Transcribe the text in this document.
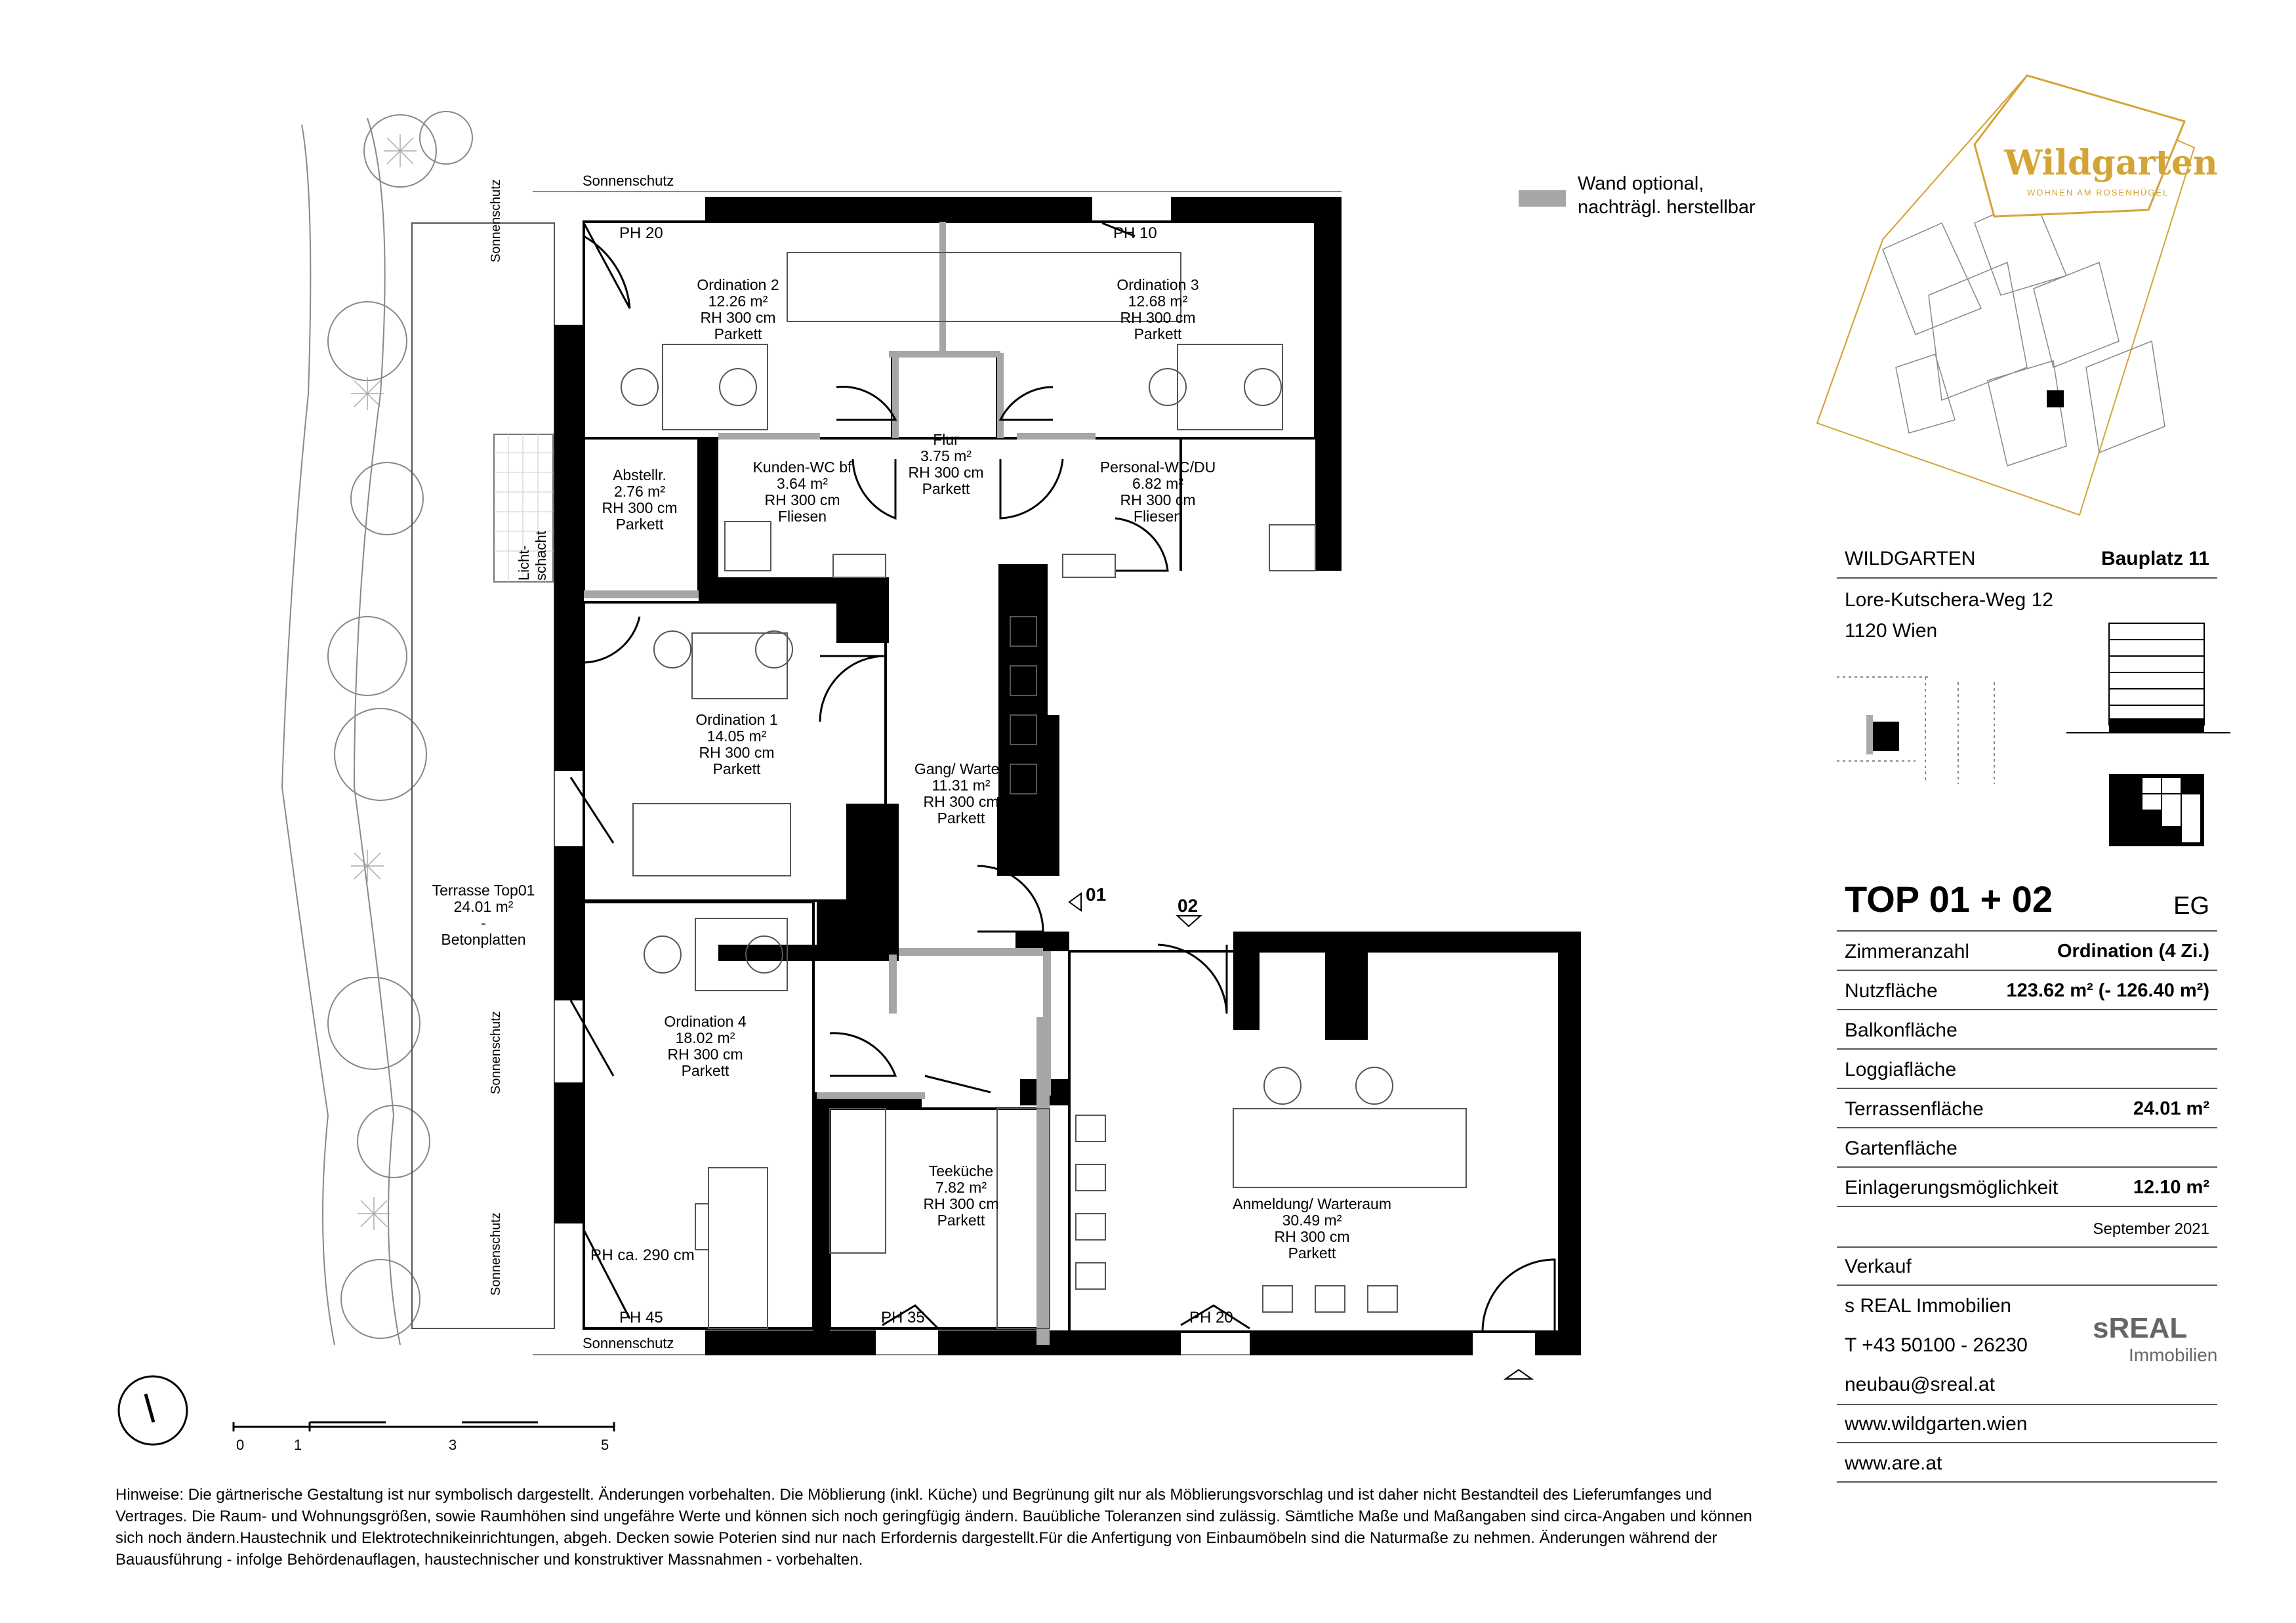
Ordination 2
12.26 m²
RH 300 cm
Parkett
Ordination 3
12.68 m²
RH 300 cm
Parkett
Flur
3.75 m²
RH 300 cm
Parkett
Abstellr.
2.76 m²
RH 300 cm
Parkett
Kunden-WC bf
3.64 m²
RH 300 cm
Fliesen
Personal-WC/DU
6.82 m²
RH 300 cm
Fliesen
Ordination 1
14.05 m²
RH 300 cm
Parkett	Gang/ Warter.
11.31 m²
RH 300 cm
Parkett
Terrasse Top01
24.01 m²
-
Betonplatten
Ordination 4
18.02 m²
RH 300 cm
Parkett
Teeküche
7.82 m²
RH 300 cm
Parkett
Anmeldung/ Warteraum
30.49 m²
RH 300 cm
Parkett
Sonnenschutz
Sonnenschutz
Sonnenschutz
Sonnenschutz
Sonnenschutz
Licht- schacht
PH 20	PH 10
PH 45	PH 35	PH 20
RH ca. 290 cm
01
02
0	1	3	5
Wand optional,
nachträgl. herstellbar
Wildgarten
WOHNEN AM ROSENHÜGEL
WILDGARTEN	Bauplatz 11
Lore-Kutschera-Weg 12
1120 Wien
TOP 01 + 02	EG
Zimmeranzahl	Ordination (4 Zi.)
Nutzfläche	123.62 m² (- 126.40 m²)
Balkonfläche
Loggiafläche
Terrassenfläche	24.01 m²
Gartenfläche
Einlagerungsmöglichkeit	12.10 m²
September 2021
Verkauf
s REAL Immobilien
T +43 50100 - 26230
neubau@sreal.at
sREAL
Immobilien
www.wildgarten.wien
www.are.at
Hinweise: Die gärtnerische Gestaltung ist nur symbolisch dargestellt. Änderungen vorbehalten. Die Möblierung (inkl. Küche) und Begrünung gilt nur als Möblierungsvorschlag und ist daher nicht Bestandteil des Lieferumfanges und Vertrages. Die Raum- und Wohnungsgrößen, sowie Raumhöhen sind ungefähre Werte und können sich noch geringfügig ändern. Bauübliche Toleranzen sind zulässig. Sämtliche Maße und Maßangaben sind circa-Angaben und können sich noch ändern.Haustechnik und Elektrotechnikeinrichtungen, abgeh. Decken sowie Poterien sind nur nach Erfordernis dargestellt.Für die Anfertigung von Einbaumöbeln sind die Naturmaße zu nehmen. Änderungen während der Bauausführung - infolge Behördenauflagen, haustechnischer und konstruktiver Massnahmen - vorbehalten.
